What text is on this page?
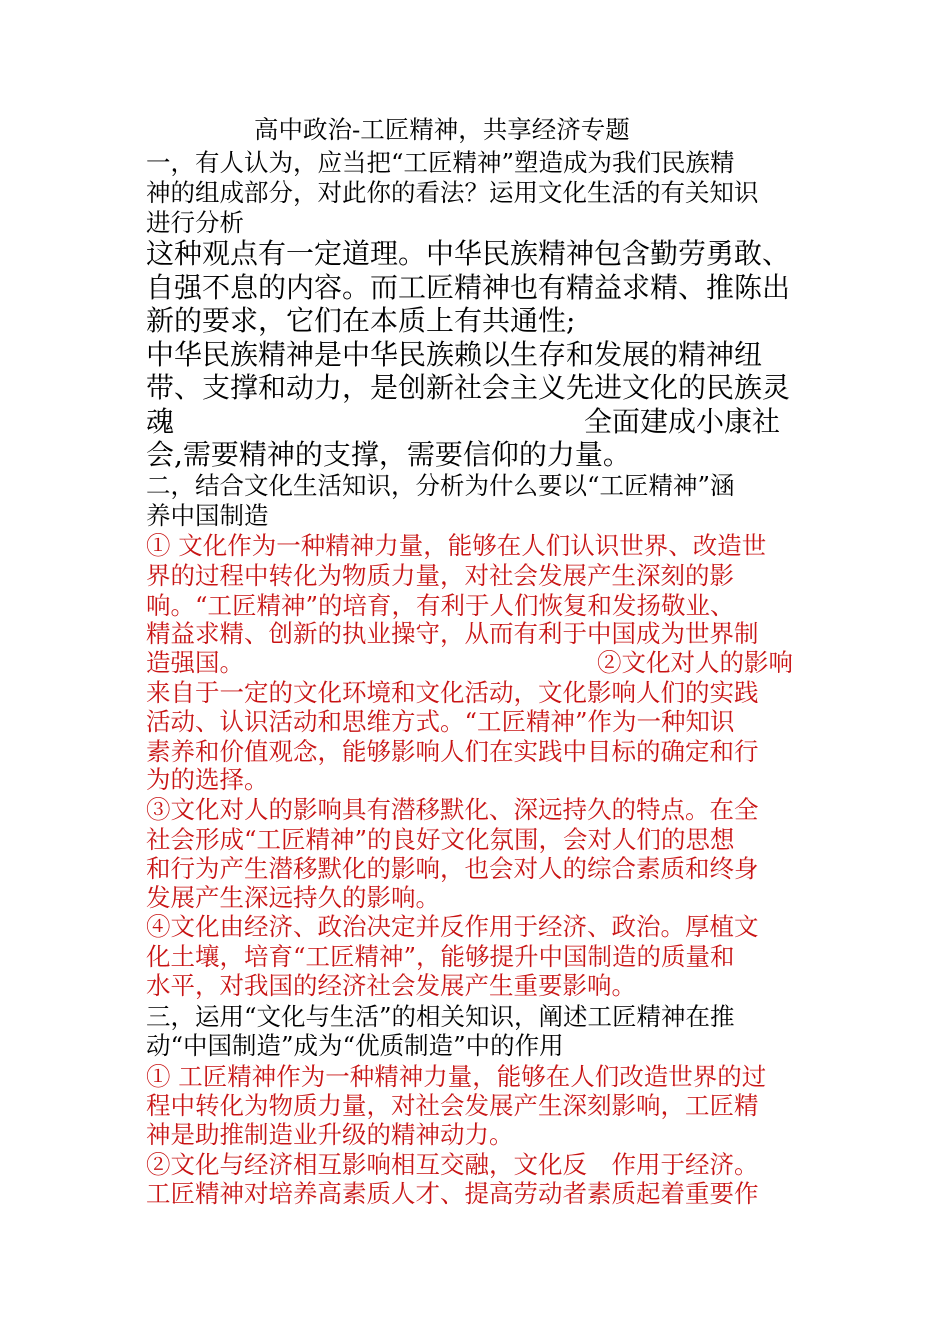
高中政治-工匠精神，共享经济专题
一，有人认为，应当把“工匠精神”塑造成为我们民族精
神的组成部分，对此你的看法？运用文化生活的有关知识
进行分析
这种观点有一定道理。中华民族精神包含勤劳勇敢、
自强不息的内容。而工匠精神也有精益求精、推陈出
新的要求，它们在本质上有共通性;
中华民族精神是中华民族赖以生存和发展的精神纽
带、支撑和动力，是创新社会主义先进文化的民族灵
魂	全面建成小康社
会,需要精神的支撑，需要信仰的力量。
二，结合文化生活知识，分析为什么要以“工匠精神”涵
养中国制造
① 文化作为一种精神力量，能够在人们认识世界、改造世
界的过程中转化为物质力量，对社会发展产生深刻的影
响。“工匠精神”的培育，有利于人们恢复和发扬敬业、
精益求精、创新的执业操守，从而有利于中国成为世界制
造强国。	②文化对人的影响
来自于一定的文化环境和文化活动，文化影响人们的实践
活动、认识活动和思维方式。“工匠精神”作为一种知识
素养和价值观念，能够影响人们在实践中目标的确定和行
为的选择。
③文化对人的影响具有潜移默化、深远持久的特点。在全
社会形成“工匠精神”的良好文化氛围，会对人们的思想
和行为产生潜移默化的影响，也会对人的综合素质和终身
发展产生深远持久的影响。
④文化由经济、政治决定并反作用于经济、政治。厚植文
化土壤，培育“工匠精神”，能够提升中国制造的质量和
水平，对我国的经济社会发展产生重要影响。
三，运用“文化与生活”的相关知识，阐述工匠精神在推
动“中国制造”成为“优质制造”中的作用
① 工匠精神作为一种精神力量，能够在人们改造世界的过
程中转化为物质力量，对社会发展产生深刻影响，工匠精
神是助推制造业升级的精神动力。
②文化与经济相互影响相互交融，文化反　作用于经济。
工匠精神对培养高素质人才、提高劳动者素质起着重要作
